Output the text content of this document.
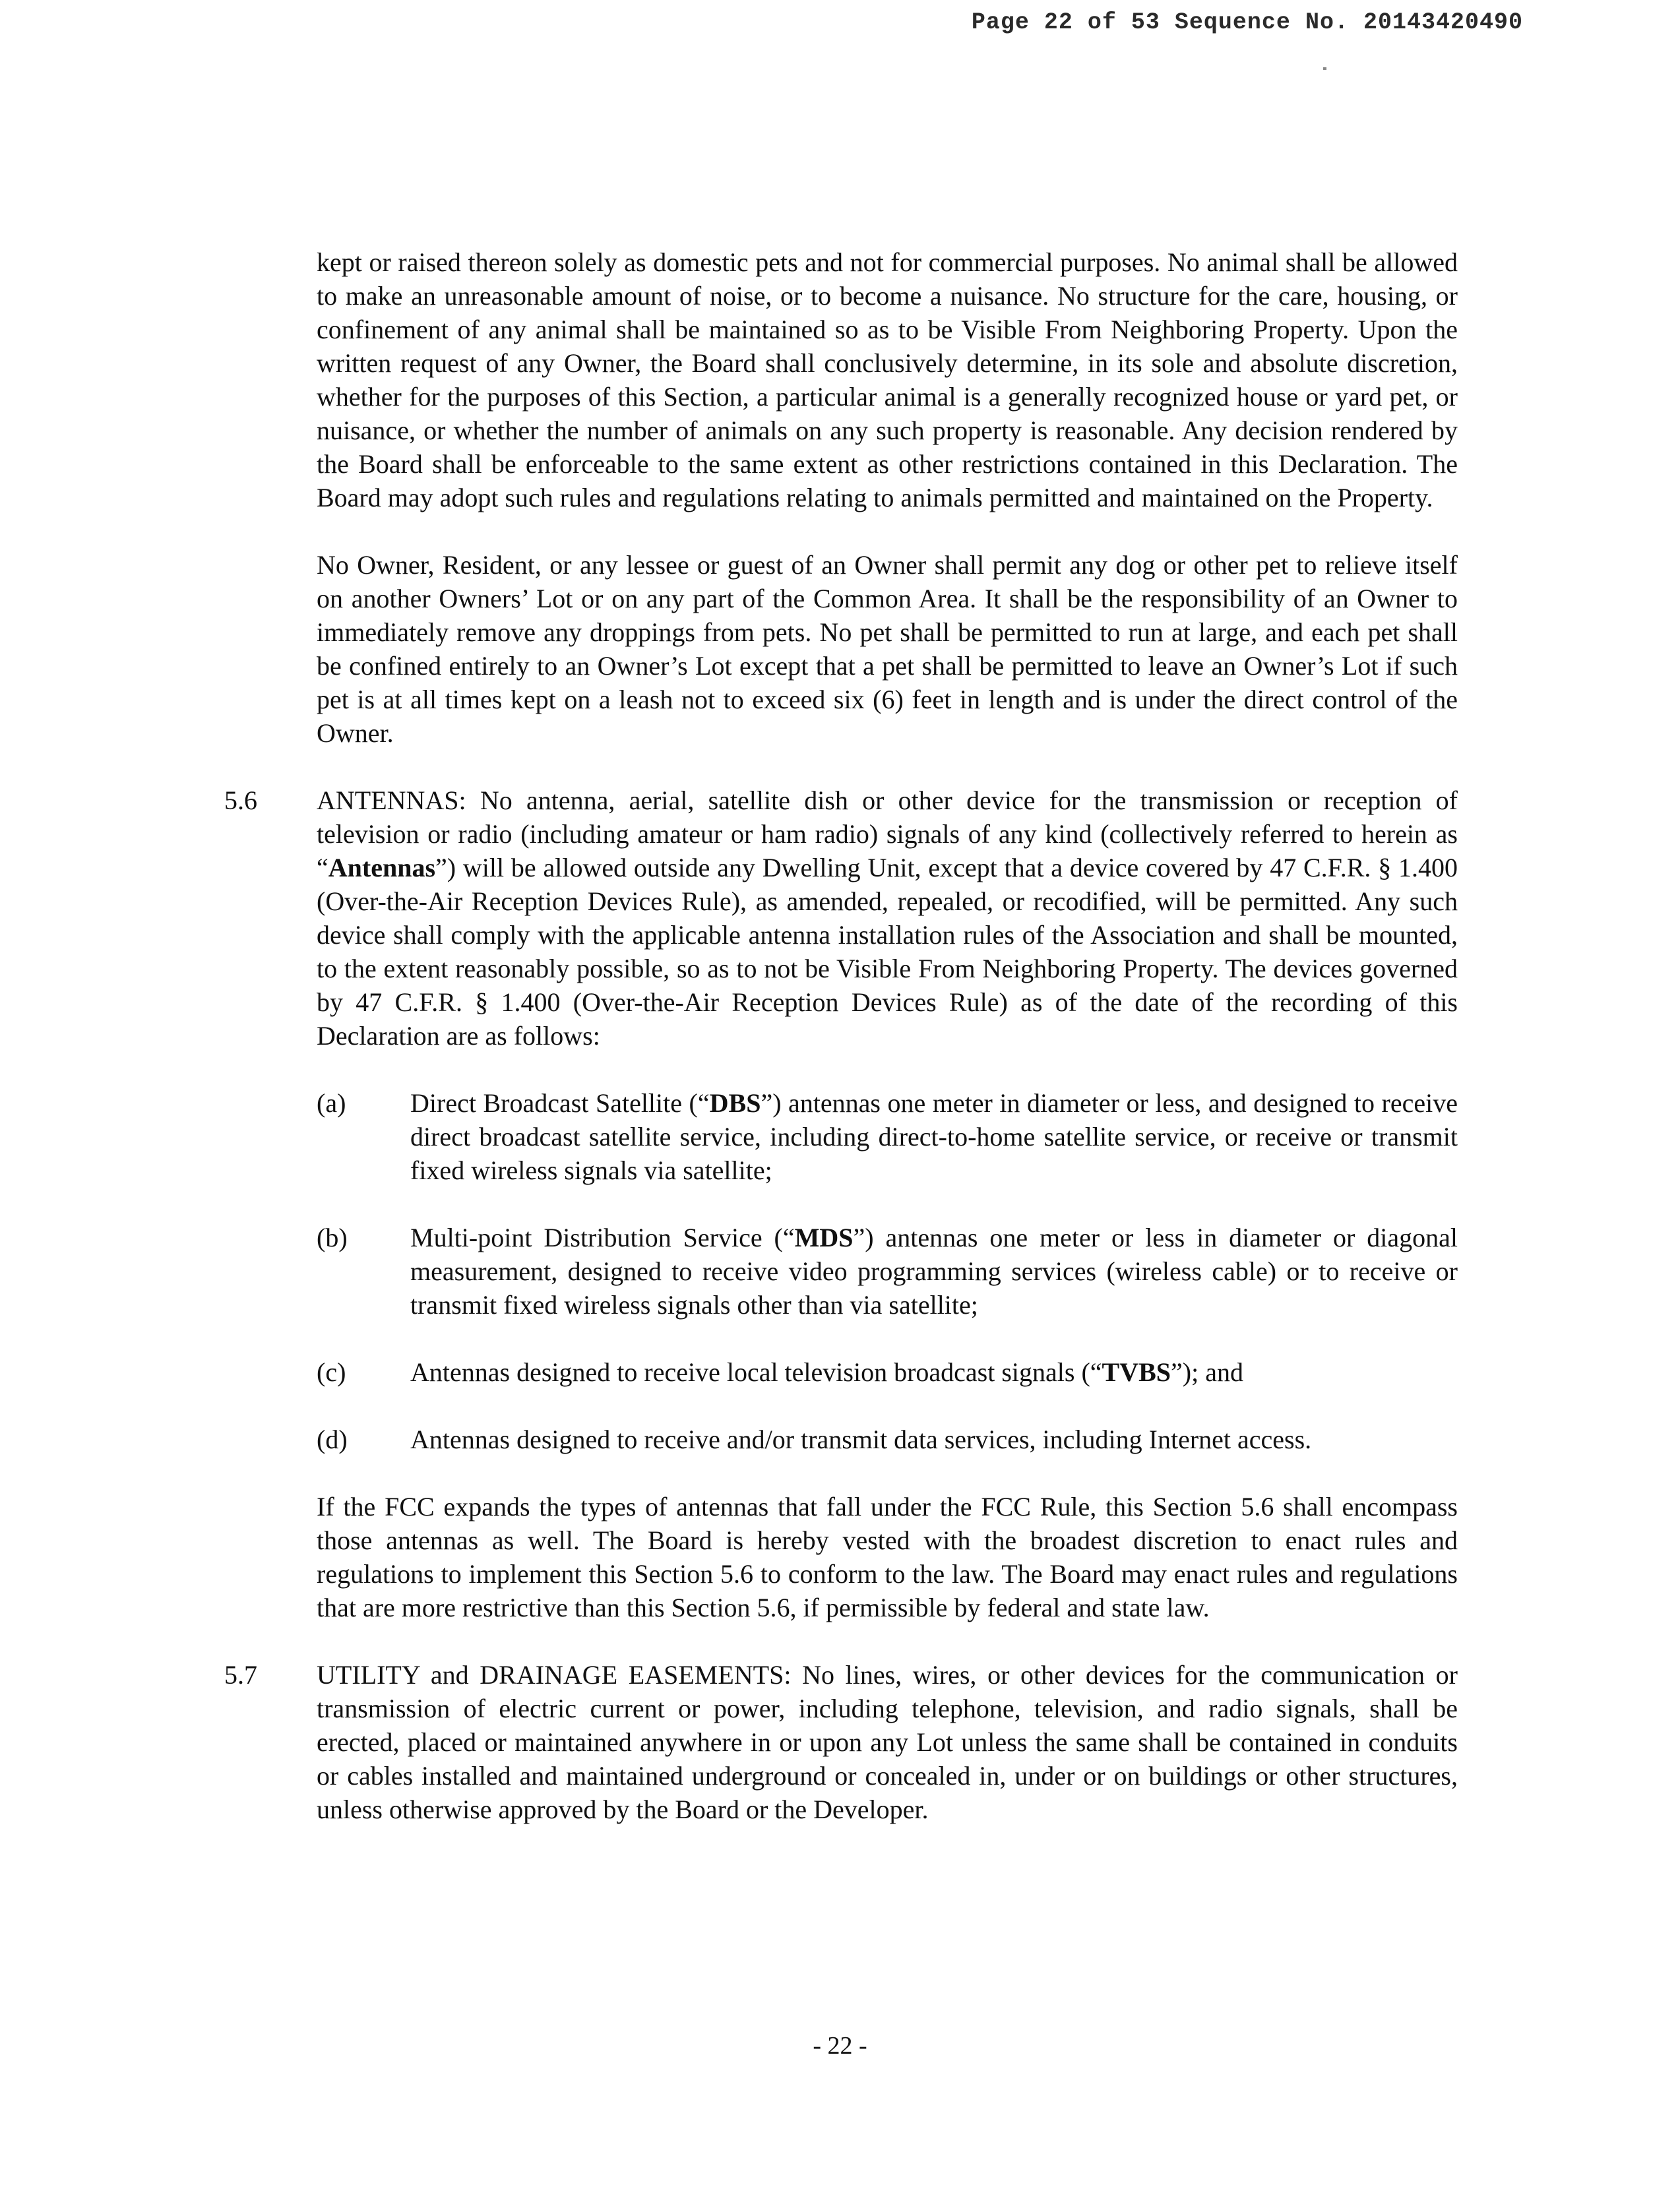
Page 22 of 53 Sequence No. 20143420490

kept or raised thereon solely as domestic pets and not for commercial purposes. No animal shall be allowed to make an unreasonable amount of noise, or to become a nuisance. No structure for the care, housing, or confinement of any animal shall be maintained so as to be Visible From Neighboring Property. Upon the written request of any Owner, the Board shall conclusively determine, in its sole and absolute discretion, whether for the purposes of this Section, a particular animal is a generally recognized house or yard pet, or nuisance, or whether the number of animals on any such property is reasonable. Any decision rendered by the Board shall be enforceable to the same extent as other restrictions contained in this Declaration. The Board may adopt such rules and regulations relating to animals permitted and maintained on the Property.

No Owner, Resident, or any lessee or guest of an Owner shall permit any dog or other pet to relieve itself on another Owners’ Lot or on any part of the Common Area. It shall be the responsibility of an Owner to immediately remove any droppings from pets. No pet shall be permitted to run at large, and each pet shall be confined entirely to an Owner’s Lot except that a pet shall be permitted to leave an Owner’s Lot if such pet is at all times kept on a leash not to exceed six (6) feet in length and is under the direct control of the Owner.

5.6 ANTENNAS: No antenna, aerial, satellite dish or other device for the transmission or reception of television or radio (including amateur or ham radio) signals of any kind (collectively referred to herein as “Antennas”) will be allowed outside any Dwelling Unit, except that a device covered by 47 C.F.R. § 1.400 (Over-the-Air Reception Devices Rule), as amended, repealed, or recodified, will be permitted. Any such device shall comply with the applicable antenna installation rules of the Association and shall be mounted, to the extent reasonably possible, so as to not be Visible From Neighboring Property. The devices governed by 47 C.F.R. § 1.400 (Over-the-Air Reception Devices Rule) as of the date of the recording of this Declaration are as follows:
(a) Direct Broadcast Satellite (“DBS”) antennas one meter in diameter or less, and designed to receive direct broadcast satellite service, including direct-to-home satellite service, or receive or transmit fixed wireless signals via satellite;
(b) Multi-point Distribution Service (“MDS”) antennas one meter or less in diameter or diagonal measurement, designed to receive video programming services (wireless cable) or to receive or transmit fixed wireless signals other than via satellite;
(c) Antennas designed to receive local television broadcast signals (“TVBS”); and
(d) Antennas designed to receive and/or transmit data services, including Internet access.

If the FCC expands the types of antennas that fall under the FCC Rule, this Section 5.6 shall encompass those antennas as well. The Board is hereby vested with the broadest discretion to enact rules and regulations to implement this Section 5.6 to conform to the law. The Board may enact rules and regulations that are more restrictive than this Section 5.6, if permissible by federal and state law.

5.7 UTILITY and DRAINAGE EASEMENTS: No lines, wires, or other devices for the communication or transmission of electric current or power, including telephone, television, and radio signals, shall be erected, placed or maintained anywhere in or upon any Lot unless the same shall be contained in conduits or cables installed and maintained underground or concealed in, under or on buildings or other structures, unless otherwise approved by the Board or the Developer.
- 22 -
